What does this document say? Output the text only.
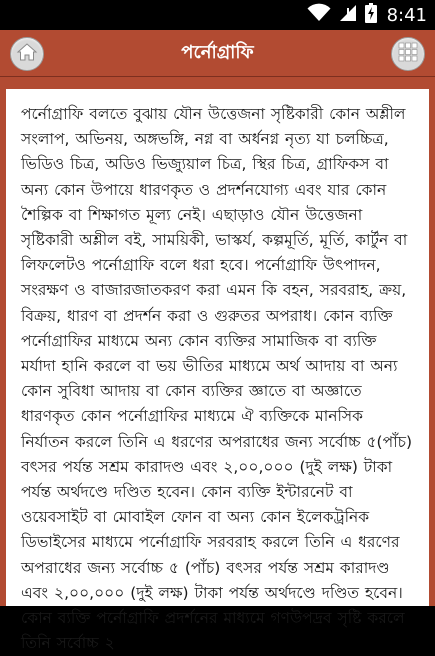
8:41
পর্নোগ্রাফি

পর্নোগ্রাফি বলতে বুঝায় যৌন উত্তেজনা সৃষ্টিকারী কোন অশ্লীল সংলাপ, অভিনয়, অঙ্গভঙ্গি, নগ্ন বা অর্ধনগ্ন নৃত্য যা চলচ্চিত্র, ভিডিও চিত্র, অডিও ভিজ্যুয়াল চিত্র, স্থির চিত্র, গ্রাফিকস বা অন্য কোন উপায়ে ধারণকৃত ও প্রদর্শনযোগ্য এবং যার কোন শৈল্পিক বা শিক্ষাগত মূল্য নেই। এছাড়াও যৌন উত্তেজনা সৃষ্টিকারী অশ্লীল বই, সাময়িকী, ভাস্কর্য, কল্পমূর্তি, মূর্তি, কার্টুন বা লিফলেটও পর্নোগ্রাফি বলে ধরা হবে। পর্নোগ্রাফি উৎপাদন, সংরক্ষণ ও বাজারজাতকরণ করা এমন কি বহন, সরবরাহ, ক্রয়, বিক্রয়, ধারণ বা প্রদর্শন করা ও গুরুতর অপরাধ। কোন ব্যক্তি পর্নোগ্রাফির মাধ্যমে অন্য কোন ব্যক্তির সামাজিক বা ব্যক্তি মর্যাদা হানি করলে বা ভয় ভীতির মাধ্যমে অর্থ আদায় বা অন্য কোন সুবিধা আদায় বা কোন ব্যক্তির জ্ঞাতে বা অজ্ঞাতে ধারণকৃত কোন পর্নোগ্রাফির মাধ্যমে ঐ ব্যক্তিকে মানসিক নির্যাতন করলে তিনি এ ধরণের অপরাধের জন্য সর্বোচ্চ ৫(পাঁচ) বৎসর পর্যন্ত সশ্রম কারাদণ্ড এবং ২,০০,০০০ (দুই লক্ষ) টাকা পর্যন্ত অর্থদণ্ডে দণ্ডিত হবেন। কোন ব্যক্তি ইন্টারনেট বা ওয়েবসাইট বা মোবাইল ফোন বা অন্য কোন ইলেকট্রনিক ডিভাইসের মাধ্যমে পর্নোগ্রাফি সরবরাহ করলে তিনি এ ধরণের অপরাধের জন্য সর্বোচ্চ ৫ (পাঁচ) বৎসর পর্যন্ত সশ্রম কারাদণ্ড এবং ২,০০,০০০ (দুই লক্ষ) টাকা পর্যন্ত অর্থদণ্ডে দণ্ডিত হবেন। কোন ব্যক্তি পর্নোগ্রাফি প্রদর্শনের মাধ্যমে গণউপদ্রব সৃষ্টি করলে তিনি সর্বোচ্চ ২
